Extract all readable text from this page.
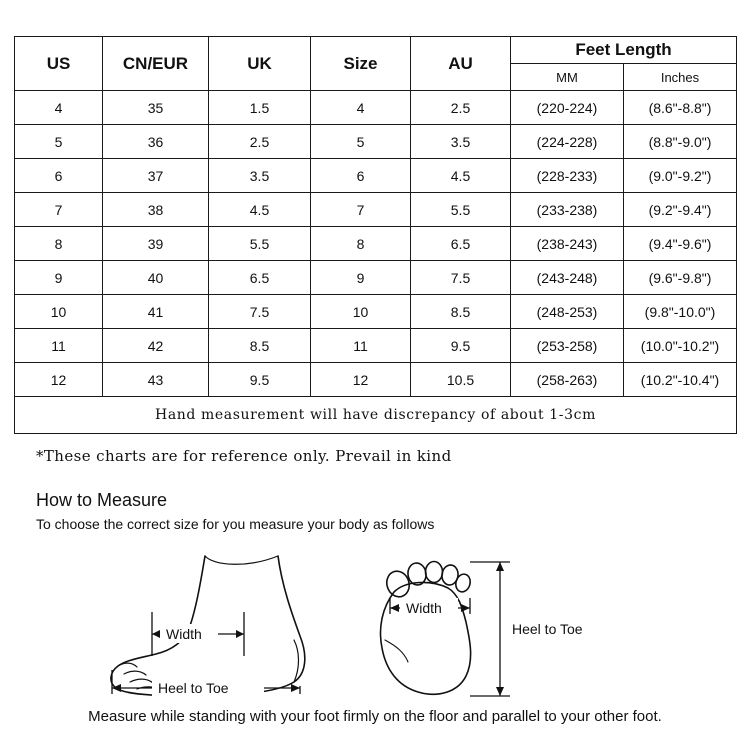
US	CN/EUR	UK	Size	AU	Feet Length	
					MM	Inches
4	35	1.5	4	2.5	(220-224)	(8.6"-8.8")
5	36	2.5	5	3.5	(224-228)	(8.8"-9.0")
6	37	3.5	6	4.5	(228-233)	(9.0"-9.2")
7	38	4.5	7	5.5	(233-238)	(9.2"-9.4")
8	39	5.5	8	6.5	(238-243)	(9.4"-9.6")
9	40	6.5	9	7.5	(243-248)	(9.6"-9.8")
10	41	7.5	10	8.5	(248-253)	(9.8"-10.0")
11	42	8.5	11	9.5	(253-258)	(10.0"-10.2")
12	43	9.5	12	10.5	(258-263)	(10.2"-10.4")
Hand measurement will have discrepancy of about 1-3cm						
*These charts are for reference only. Prevail in kind
How to Measure
To choose the correct size for you measure your body as follows
Width
Heel to Toe
Width
Heel to Toe
Measure while standing with your foot firmly on the floor and parallel to your other foot.
